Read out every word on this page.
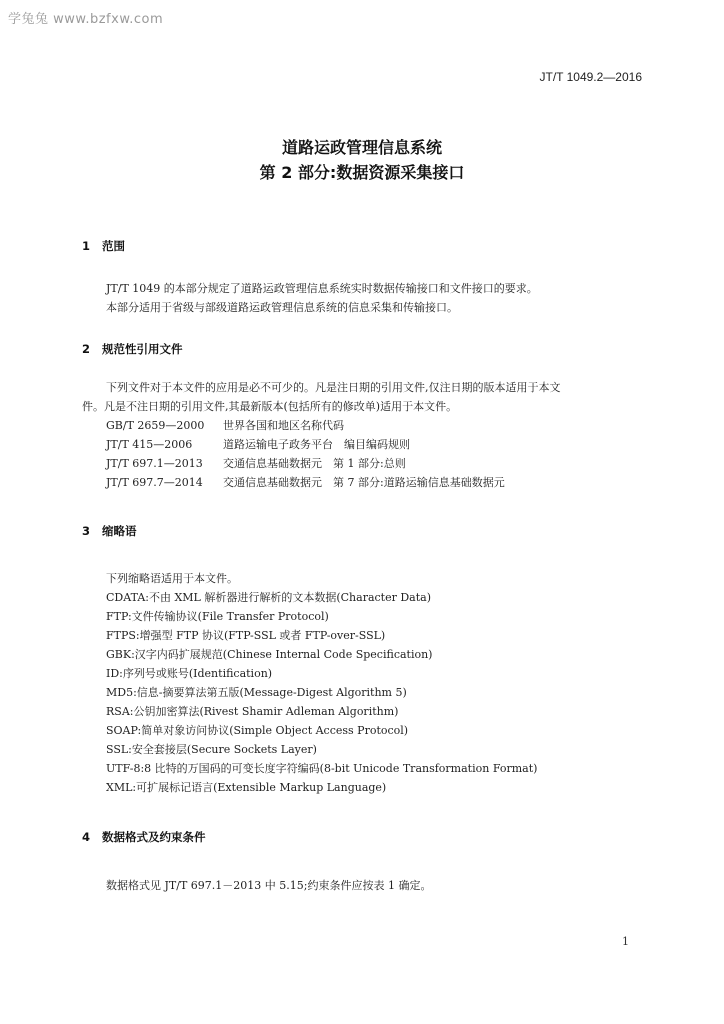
学兔兔 www.bzfxw.com
JT/T 1049.2—2016
道路运政管理信息系统
第 2 部分:数据资源采集接口
1 范围
JT/T 1049 的本部分规定了道路运政管理信息系统实时数据传输接口和文件接口的要求。
本部分适用于省级与部级道路运政管理信息系统的信息采集和传输接口。
2 规范性引用文件
下列文件对于本文件的应用是必不可少的。凡是注日期的引用文件,仅注日期的版本适用于本文
件。凡是不注日期的引用文件,其最新版本(包括所有的修改单)适用于本文件。
GB/T 2659—2000 世界各国和地区名称代码
JT/T 415—2006	道路运输电子政务平台　编目编码规则
JT/T 697.1—2013 交通信息基础数据元　第 1 部分:总则
JT/T 697.7—2014 交通信息基础数据元　第 7 部分:道路运输信息基础数据元
3 缩略语
下列缩略语适用于本文件。
CDATA:不由 XML 解析器进行解析的文本数据(Character Data)
FTP:文件传输协议(File Transfer Protocol)
FTPS:增强型 FTP 协议(FTP-SSL 或者 FTP-over-SSL)
GBK:汉字内码扩展规范(Chinese Internal Code Specification)
ID:序列号或账号(Identification)
MD5:信息-摘要算法第五版(Message-Digest Algorithm 5)
RSA:公钥加密算法(Rivest Shamir Adleman Algorithm)
SOAP:简单对象访问协议(Simple Object Access Protocol)
SSL:安全套接层(Secure Sockets Layer)
UTF-8:8 比特的万国码的可变长度字符编码(8-bit Unicode Transformation Format)
XML:可扩展标记语言(Extensible Markup Language)
4 数据格式及约束条件
数据格式见 JT/T 697.1－2013 中 5.15;约束条件应按表 1 确定。
1
